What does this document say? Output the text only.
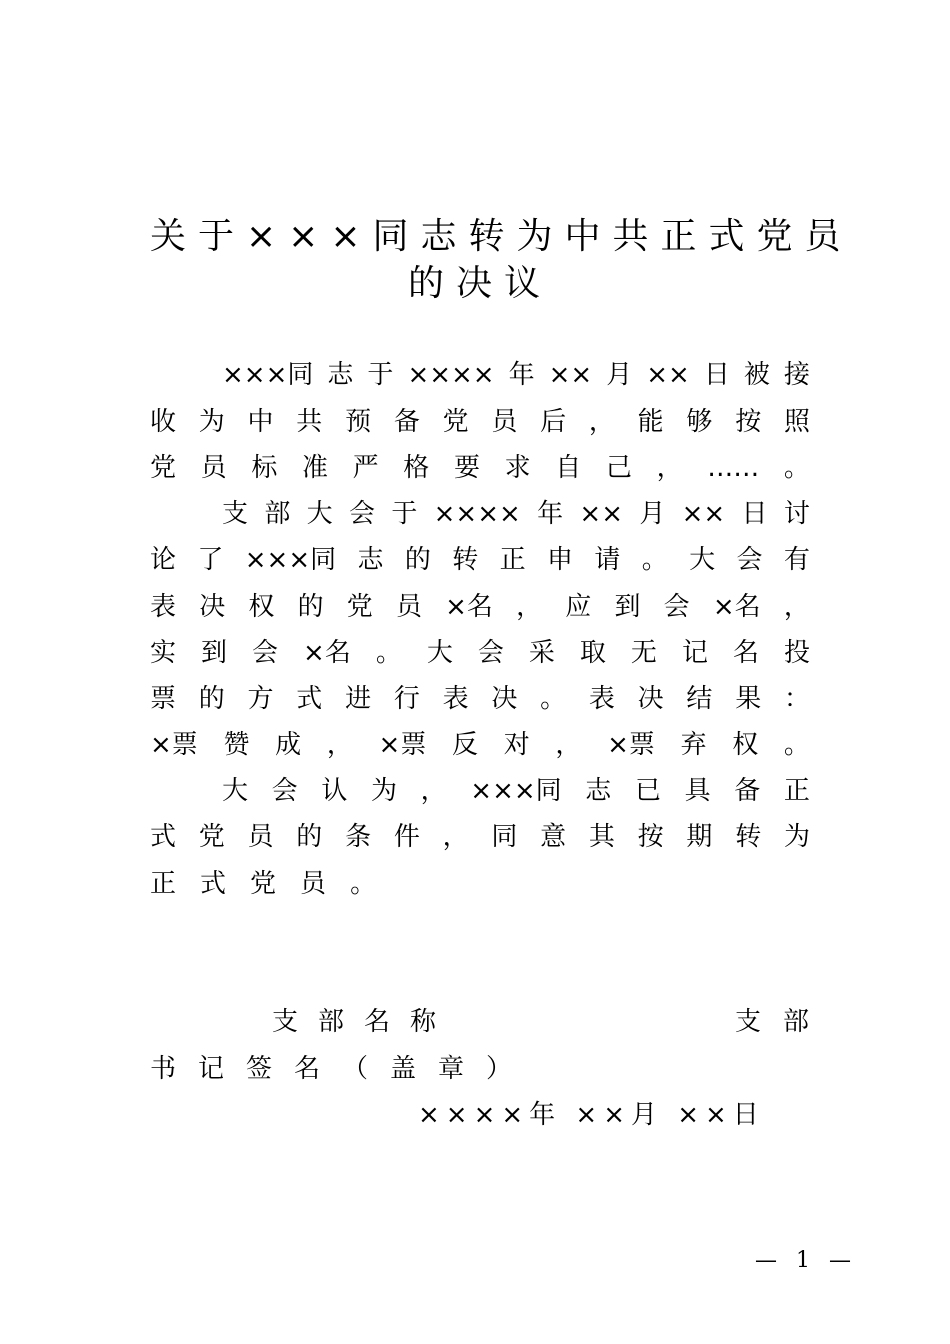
关于×××同志转为中共正式党员
的决议
×××同 志 于 ×××× 年 ×× 月 ×× 日 被 接
收 为 中 共 预 备 党 员 后 ， 能 够 按 照
党 员 标 准 严 格 要 求 自 己 ， …… 。
支 部 大 会 于 ×××× 年 ×× 月 ×× 日 讨
论 了 ×××同 志 的 转 正 申 请 。 大 会 有
表 决 权 的 党 员 ×名 ， 应 到 会 ×名 ，
实 到 会 ×名 。 大 会 采 取 无 记 名 投
票 的 方 式 进 行 表 决 。 表 决 结 果 ：
×票 赞 成 ， ×票 反 对 ， ×票 弃 权 。
大 会 认 为 ， ×××同 志 已 具 备 正
式 党 员 的 条 件 ， 同 意 其 按 期 转 为
正 式 党 员 。
支部名称	支部
书记签名（盖章）
××××年 ××月 ××日
— 1 —
